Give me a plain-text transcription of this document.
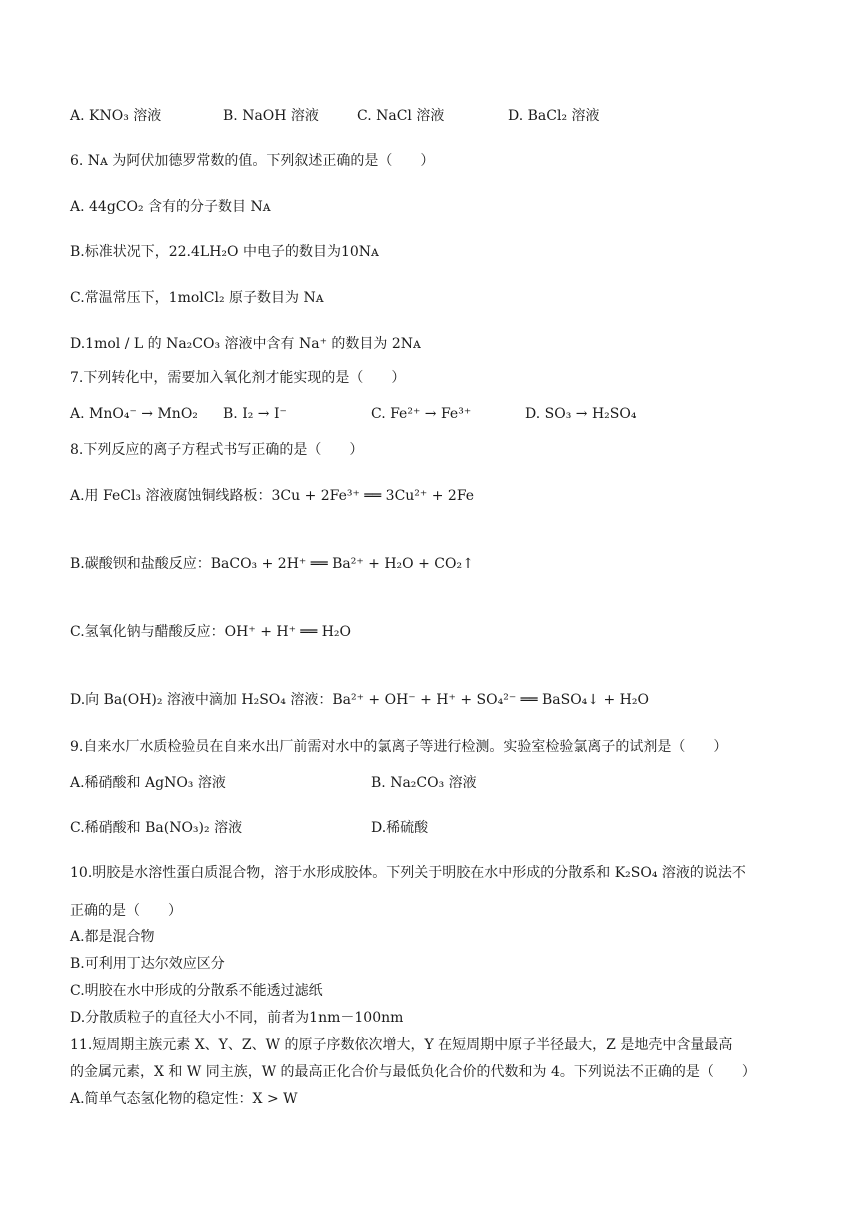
A. KNO₃ 溶液	B. NaOH 溶液	C. NaCl 溶液	D. BaCl₂ 溶液
6. Nᴀ 为阿伏加德罗常数的值。下列叙述正确的是（　　）
A. 44gCO₂ 含有的分子数目 Nᴀ
B.标准状况下，22.4LH₂O 中电子的数目为10Nᴀ
C.常温常压下，1molCl₂ 原子数目为 Nᴀ
D.1mol / L 的 Na₂CO₃ 溶液中含有 Na⁺ 的数目为 2Nᴀ
7.下列转化中，需要加入氧化剂才能实现的是（　　）
A. MnO₄⁻ → MnO₂	B. I₂ → I⁻	C. Fe²⁺ → Fe³⁺	D. SO₃ → H₂SO₄
8.下列反应的离子方程式书写正确的是（　　）
A.用 FeCl₃ 溶液腐蚀铜线路板：3Cu + 2Fe³⁺ ══ 3Cu²⁺ + 2Fe
B.碳酸钡和盐酸反应：BaCO₃ + 2H⁺ ══ Ba²⁺ + H₂O + CO₂↑
C.氢氧化钠与醋酸反应：OH⁺ + H⁺ ══ H₂O
D.向 Ba(OH)₂ 溶液中滴加 H₂SO₄ 溶液：Ba²⁺ + OH⁻ + H⁺ + SO₄²⁻ ══ BaSO₄↓ + H₂O
9.自来水厂水质检验员在自来水出厂前需对水中的氯离子等进行检测。实验室检验氯离子的试剂是（　　）
A.稀硝酸和 AgNO₃ 溶液	B. Na₂CO₃ 溶液
C.稀硝酸和 Ba(NO₃)₂ 溶液	D.稀硫酸
10.明胶是水溶性蛋白质混合物，溶于水形成胶体。下列关于明胶在水中形成的分散系和 K₂SO₄ 溶液的说法不
正确的是（　　）
A.都是混合物
B.可利用丁达尔效应区分
C.明胶在水中形成的分散系不能透过滤纸
D.分散质粒子的直径大小不同，前者为1nm－100nm
11.短周期主族元素 X、Y、Z、W 的原子序数依次增大，Y 在短周期中原子半径最大，Z 是地壳中含量最高
的金属元素，X 和 W 同主族，W 的最高正化合价与最低负化合价的代数和为 4。下列说法不正确的是（　　）
A.简单气态氢化物的稳定性：X > W
